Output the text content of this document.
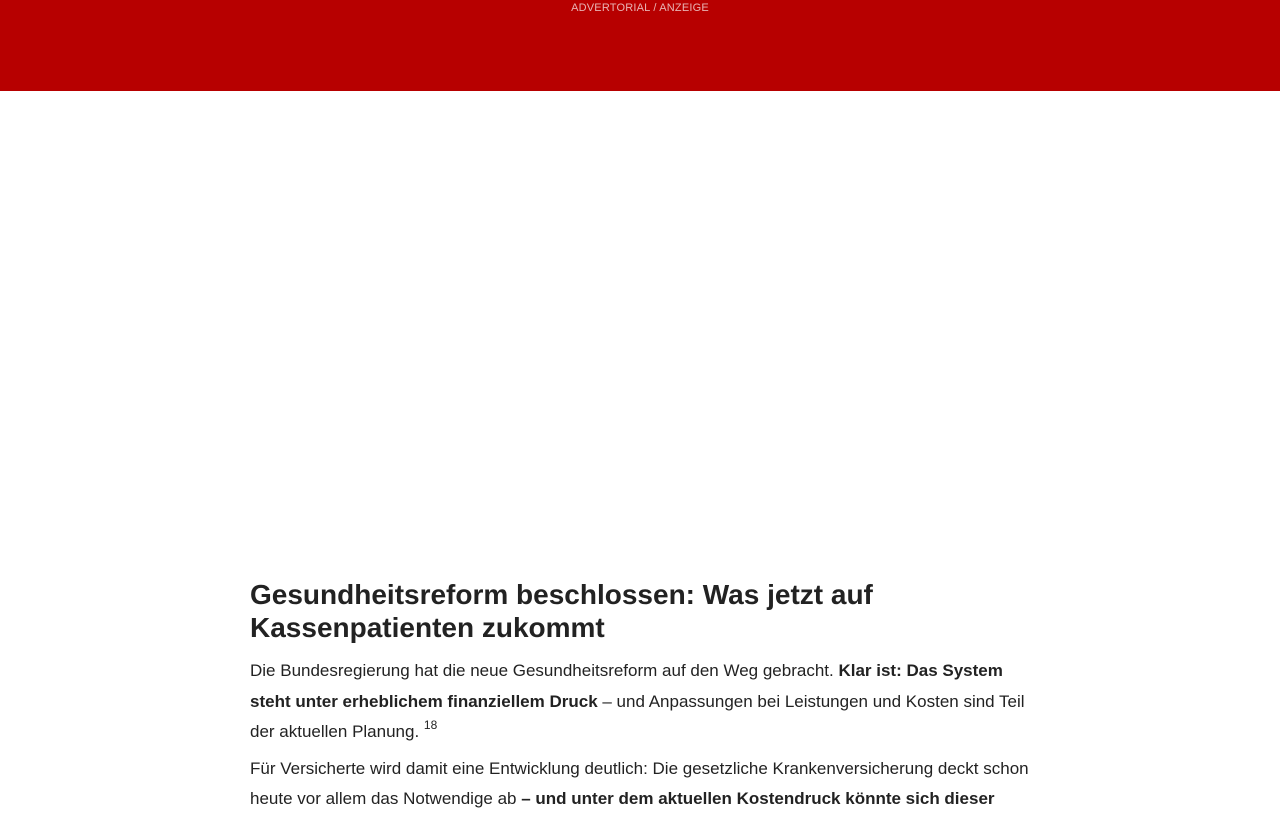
ADVERTORIAL / ANZEIGE
Gesundheitsreform beschlossen: Was jetzt auf Kassenpatienten zukommt

Die Bundesregierung hat die neue Gesundheitsreform auf den Weg gebracht. Klar ist: Das System steht unter erheblichem finanziellem Druck – und Anpassungen bei Leistungen und Kosten sind Teil der aktuellen Planung. $^{18}$

Für Versicherte wird damit eine Entwicklung deutlich: Die gesetzliche Krankenversicherung deckt schon heute vor allem das Notwendige ab – und unter dem aktuellen Kostendruck könnte sich dieser
